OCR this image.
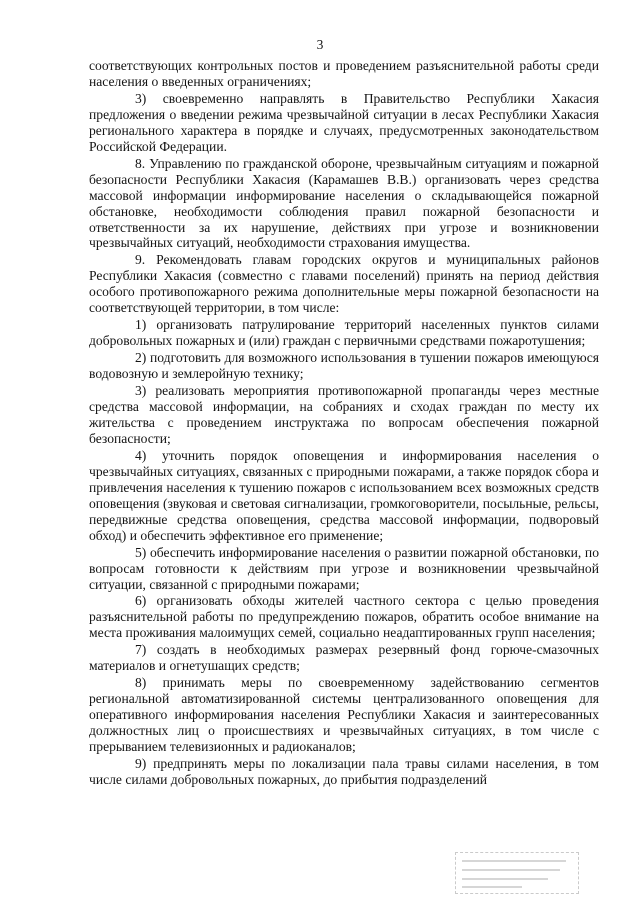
3

соответствующих контрольных постов и проведением разъяснительной работы среди населения о введенных ограничениях;

3) своевременно направлять в Правительство Республики Хакасия предложения о введении режима чрезвычайной ситуации в лесах Республики Хакасия регионального характера в порядке и случаях, предусмотренных законодательством Российской Федерации.

8. Управлению по гражданской обороне, чрезвычайным ситуациям и пожарной безопасности Республики Хакасия (Карамашев В.В.) организовать через средства массовой информации информирование населения о складывающейся пожарной обстановке, необходимости соблюдения правил пожарной безопасности и ответственности за их нарушение, действиях при угрозе и возникновении чрезвычайных ситуаций, необходимости страхования имущества.

9. Рекомендовать главам городских округов и муниципальных районов Республики Хакасия (совместно с главами поселений) принять на период действия особого противопожарного режима дополнительные меры пожарной безопасности на соответствующей территории, в том числе:

1) организовать патрулирование территорий населенных пунктов силами добровольных пожарных и (или) граждан с первичными средствами пожаротушения;

2) подготовить для возможного использования в тушении пожаров имеющуюся водовозную и землеройную технику;

3) реализовать мероприятия противопожарной пропаганды через местные средства массовой информации, на собраниях и сходах граждан по месту их жительства с проведением инструктажа по вопросам обеспечения пожарной безопасности;

4) уточнить порядок оповещения и информирования населения о чрезвычайных ситуациях, связанных с природными пожарами, а также порядок сбора и привлечения населения к тушению пожаров с использованием всех возможных средств оповещения (звуковая и световая сигнализации, громкоговорители, посыльные, рельсы, передвижные средства оповещения, средства массовой информации, подворовый обход) и обеспечить эффективное его применение;

5) обеспечить информирование населения о развитии пожарной обстановки, по вопросам готовности к действиям при угрозе и возникновении чрезвычайной ситуации, связанной с природными пожарами;

6) организовать обходы жителей частного сектора с целью проведения разъяснительной работы по предупреждению пожаров, обратить особое внимание на места проживания малоимущих семей, социально неадаптированных групп населения;

7) создать в необходимых размерах резервный фонд горюче-смазочных материалов и огнетушащих средств;

8) принимать меры по своевременному задействованию сегментов региональной автоматизированной системы централизованного оповещения для оперативного информирования населения Республики Хакасия и заинтересованных должностных лиц о происшествиях и чрезвычайных ситуациях, в том числе с прерыванием телевизионных и радиоканалов;

9) предпринять меры по локализации пала травы силами населения, в том числе силами добровольных пожарных, до прибытия подразделений
